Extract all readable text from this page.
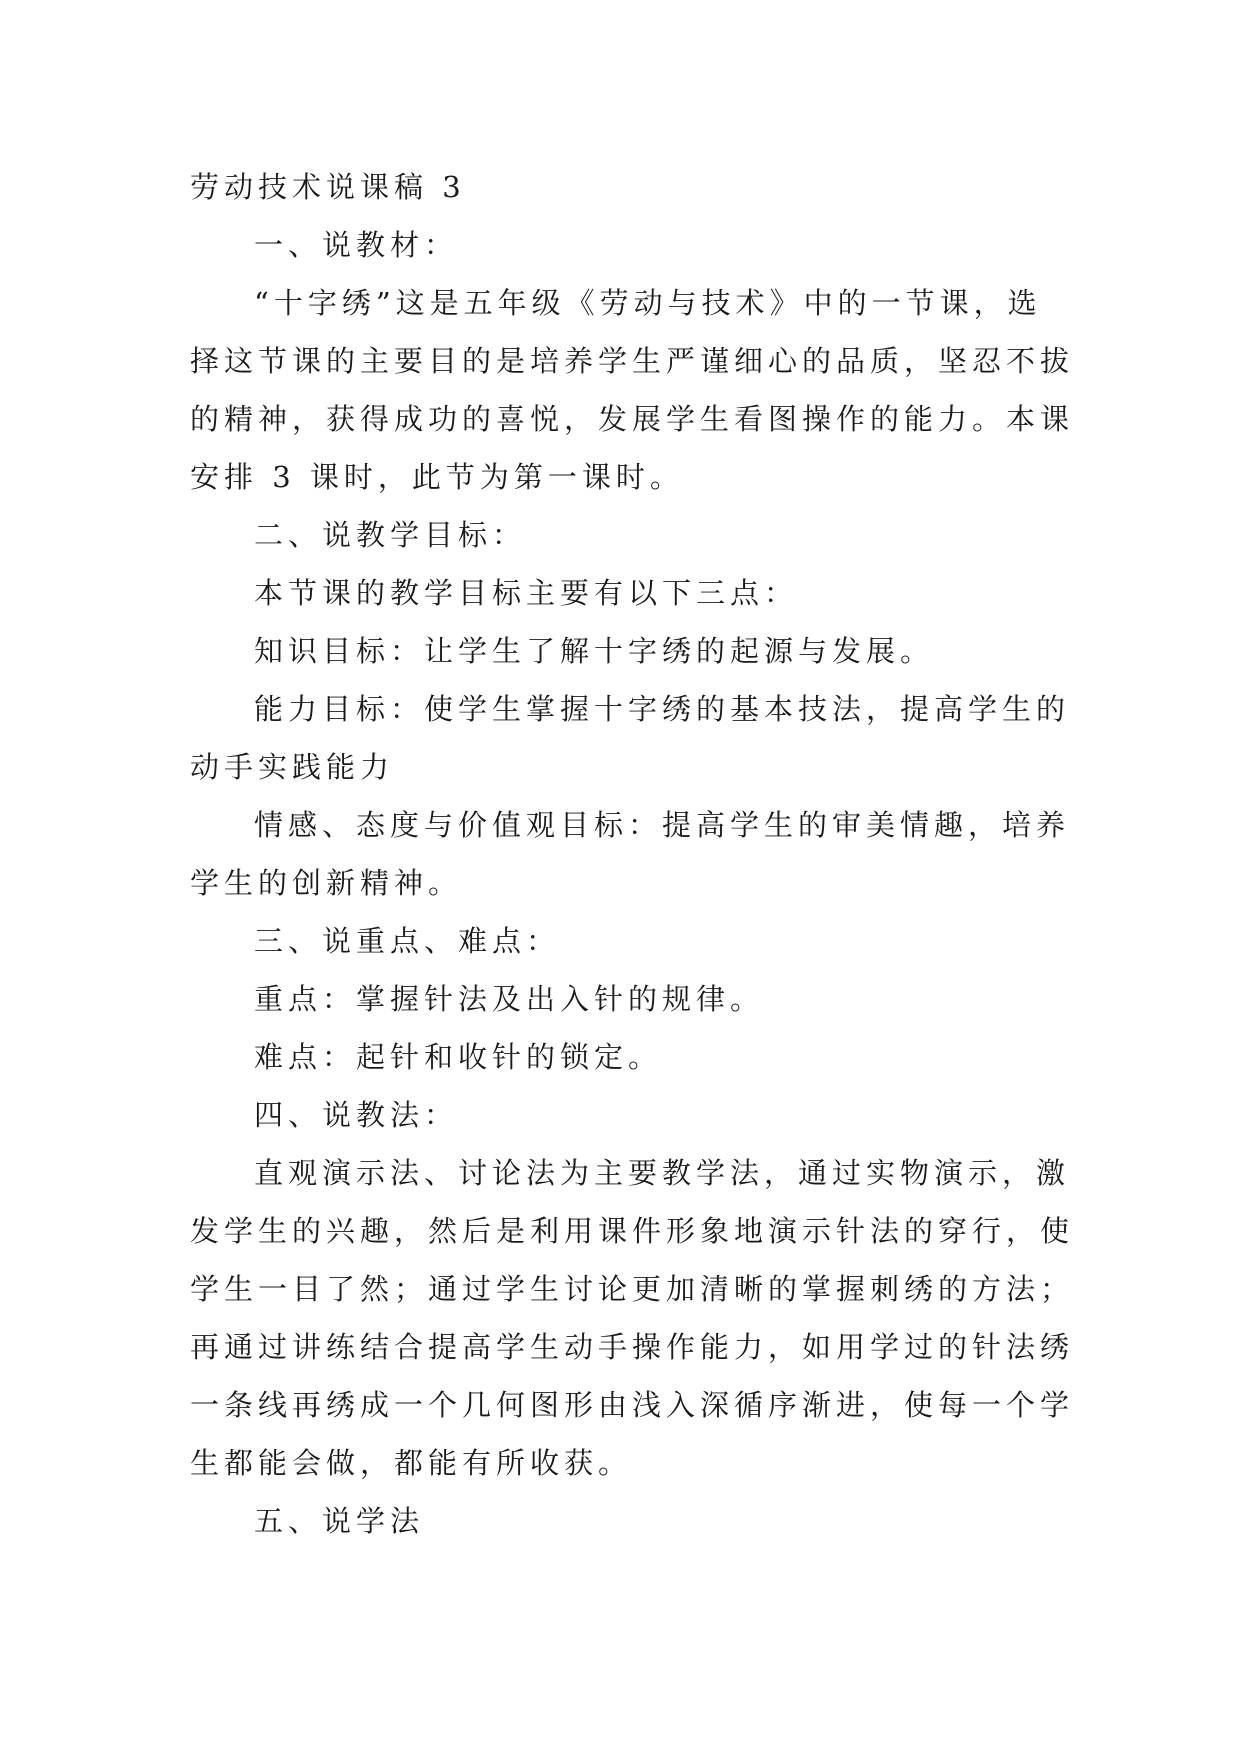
劳动技术说课稿 3

一、说教材：

“十字绣”这是五年级《劳动与技术》中的一节课，选

择这节课的主要目的是培养学生严谨细心的品质，坚忍不拔

的精神，获得成功的喜悦，发展学生看图操作的能力。本课

安排 3 课时，此节为第一课时。

二、说教学目标：

本节课的教学目标主要有以下三点：

知识目标：让学生了解十字绣的起源与发展。

能力目标：使学生掌握十字绣的基本技法，提高学生的

动手实践能力

情感、态度与价值观目标：提高学生的审美情趣，培养

学生的创新精神。

三、说重点、难点：

重点：掌握针法及出入针的规律。

难点：起针和收针的锁定。

四、说教法：

直观演示法、讨论法为主要教学法，通过实物演示，激

发学生的兴趣，然后是利用课件形象地演示针法的穿行，使

学生一目了然；通过学生讨论更加清晰的掌握刺绣的方法；

再通过讲练结合提高学生动手操作能力，如用学过的针法绣

一条线再绣成一个几何图形由浅入深循序渐进，使每一个学

生都能会做，都能有所收获。

五、说学法
